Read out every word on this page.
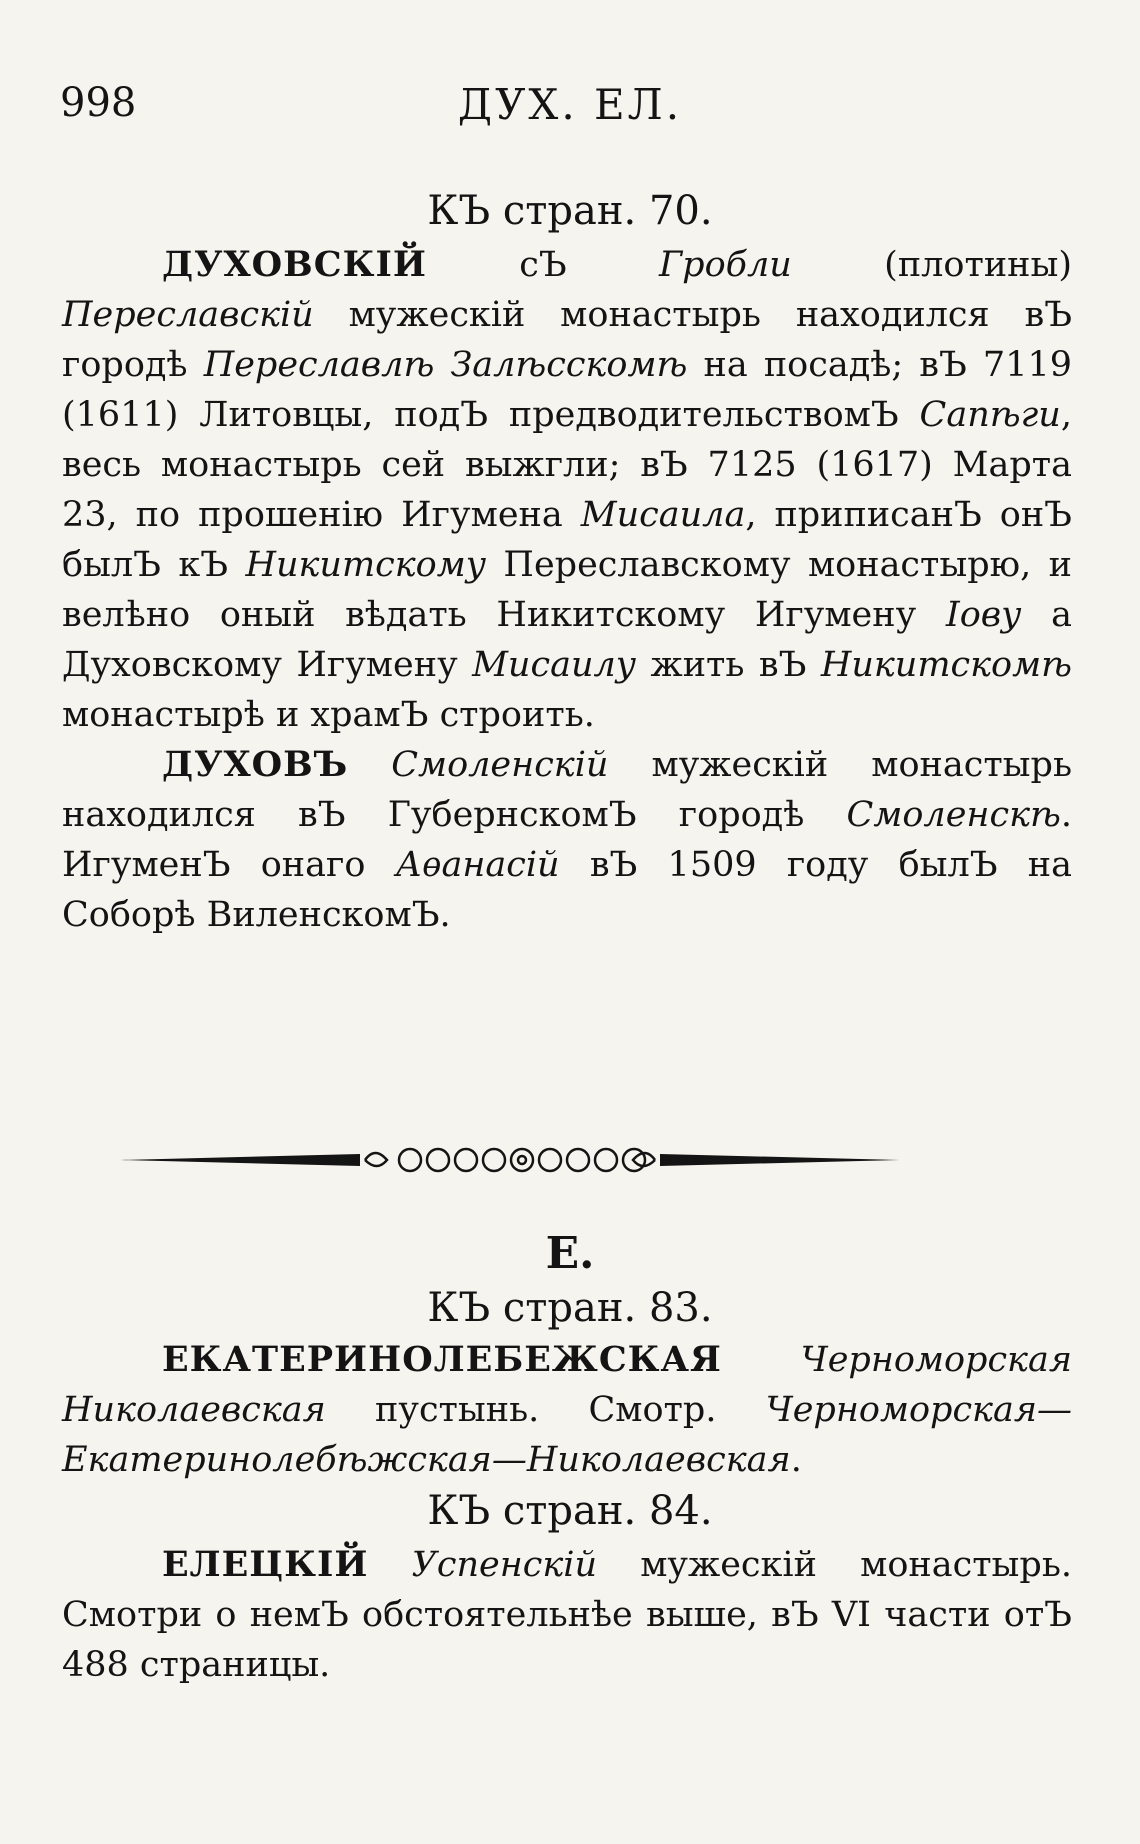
998	ДУХ. ЕЛ.
КЪ стран. 70.

ДУХОВСКIЙ сЪ Гробли (плотины) Переславскiй мужескiй монастырь находился вЪ городѣ Переславлѣ Залѣсскомѣ на посадѣ; вЪ 7119 (1611) Литовцы, подЪ предводительствомЪ Сапѣги, весь монастырь сей выжгли; вЪ 7125 (1617) Марта 23, по прошенiю Игумена Мисаила, приписанЪ онЪ былЪ кЪ Никитскому Переславскому монастырю, и велѣно оный вѣдать Никитскому Игумену Iову а Духовскому Игумену Мисаилу жить вЪ Никитскомѣ монастырѣ и храмЪ строить.

ДУХОВЪ Смоленскiй мужескiй монастырь находился вЪ ГубернскомЪ городѣ Смоленскѣ. ИгуменЪ онаго Аѳанасiй вЪ 1509 году былЪ на Соборѣ ВиленскомЪ.

Е.
КЪ стран. 83.

ЕКАТЕРИНОЛЕБЕЖСКАЯ Черноморская Николаевская пустынь. Смотр. Черноморская—Екатеринолебѣжская—Николаевская.

КЪ стран. 84.

ЕЛЕЦКIЙ Успенскiй мужескiй монастырь. Смотри о немЪ обстоятельнѣе выше, вЪ VI части отЪ 488 страницы.
